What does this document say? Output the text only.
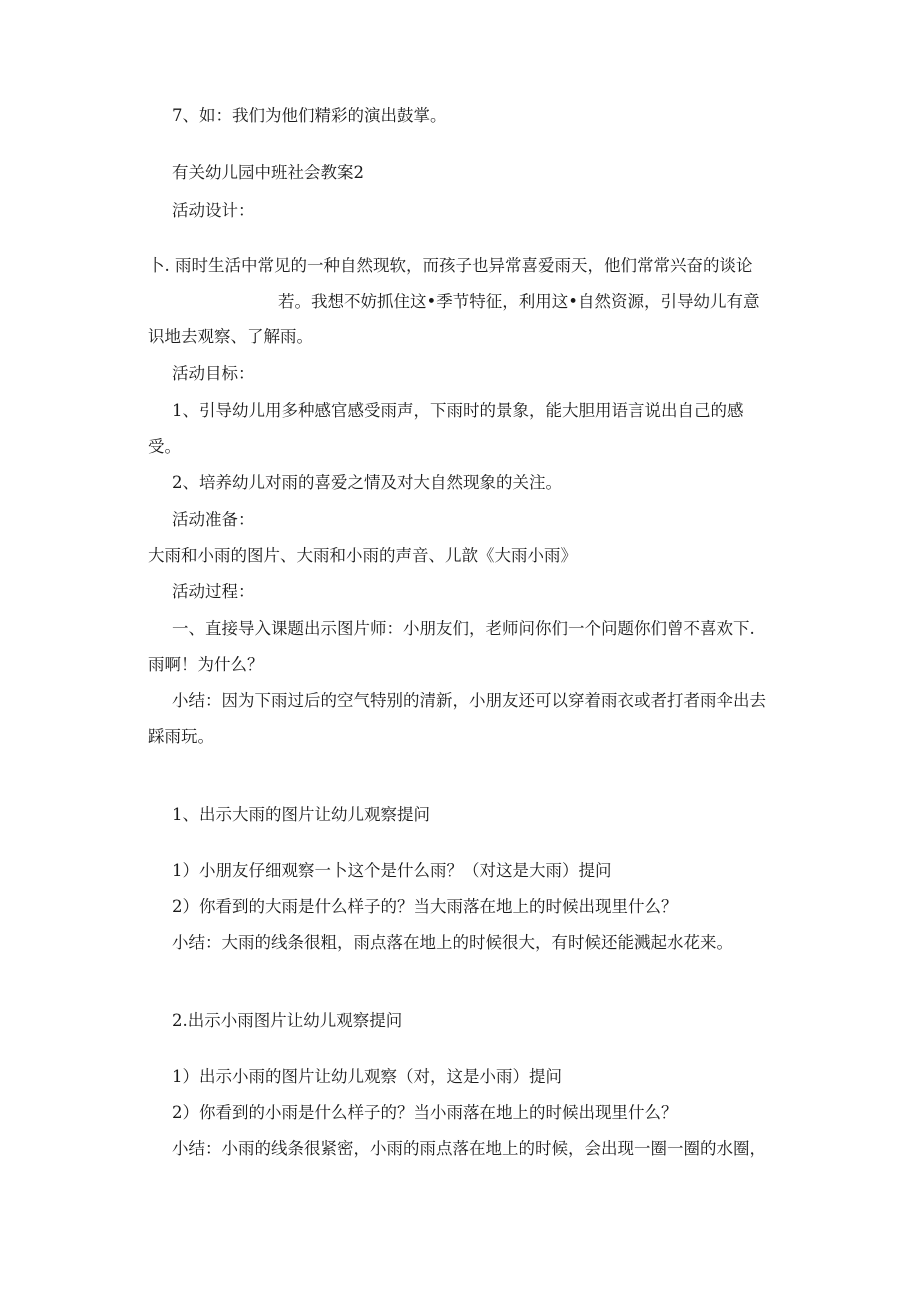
7、如：我们为他们精彩的演出鼓掌。
有关幼儿园中班社会教案2
活动设计：
卜. 雨时生活中常见的一种自然现软，而孩子也异常喜爱雨天，他们常常兴奋的谈论
若。我想不妨抓住这•季节特征，利用这•自然资源，引导幼儿有意
识地去观察、了解雨。
活动目标：
1、引导幼儿用多种感官感受雨声，下雨时的景象，能大胆用语言说出自己的感
受。
2、培养幼儿对雨的喜爱之情及对大自然现象的关注。
活动准备：
大雨和小雨的图片、大雨和小雨的声音、儿歆《大雨小雨》
活动过程：
一、直接导入课题出示图片师：小朋友们，老师问你们一个问题你们曾不喜欢下.
雨啊！为什么？
小结：因为下雨过后的空气特别的清新，小朋友还可以穿着雨衣或者打者雨伞出去
踩雨玩。
1、出示大雨的图片让幼儿观察提问
1）小朋友仔细观察一卜这个是什么雨？（对这是大雨）提问
2）你看到的大雨是什么样子的？当大雨落在地上的时候出现里什么？
小结：大雨的线条很粗，雨点落在地上的时候很大，有时候还能溅起水花来。
2.出示小雨图片让幼儿观察提问
1）出示小雨的图片让幼儿观察（对，这是小雨）提问
2）你看到的小雨是什么样子的？当小雨落在地上的时候出现里什么？
小结：小雨的线条很紧密，小雨的雨点落在地上的时候，会出现一圈一圈的水圈，
